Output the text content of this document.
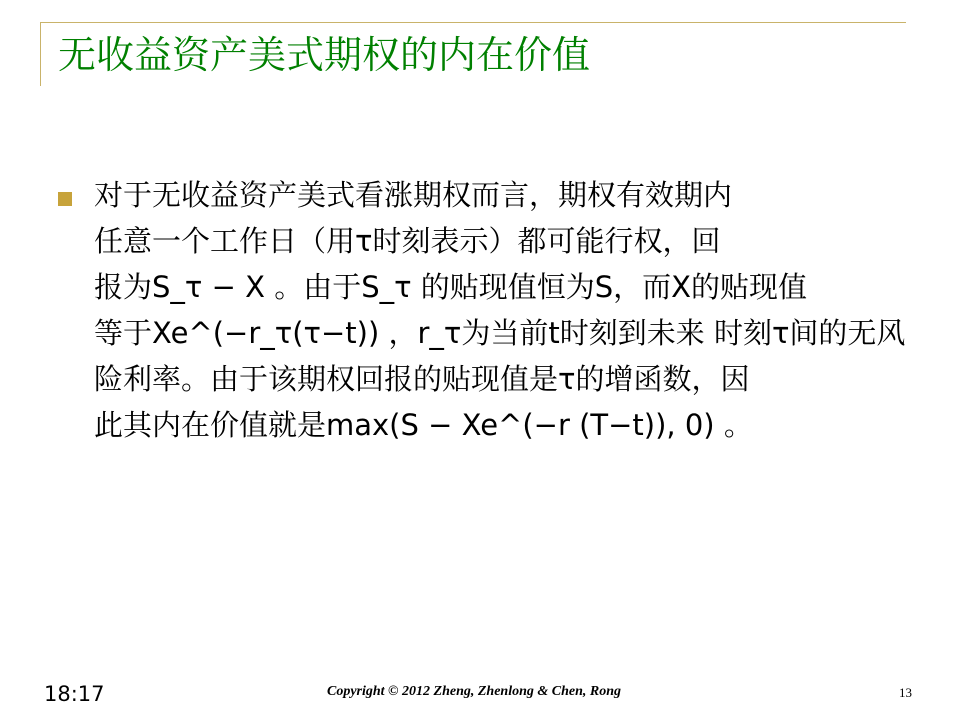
无收益资产美式期权的内在价值

对于无收益资产美式看涨期权而言，期权有效期内
任意一个工作日（用τ时刻表示）都可能行权，回
报为S_τ − X 。由于S_τ 的贴现值恒为S，而X的贴现值
等于Xe^(−r_τ(τ−t)) ，r_τ为当前t时刻到未来 时刻τ间的无风
险利率。由于该期权回报的贴现值是τ的增函数，因
此其内在价值就是max(S − Xe^(−r (T−t)), 0) 。

18:17	Copyright © 2012 Zheng, Zhenlong & Chen, Rong	13
